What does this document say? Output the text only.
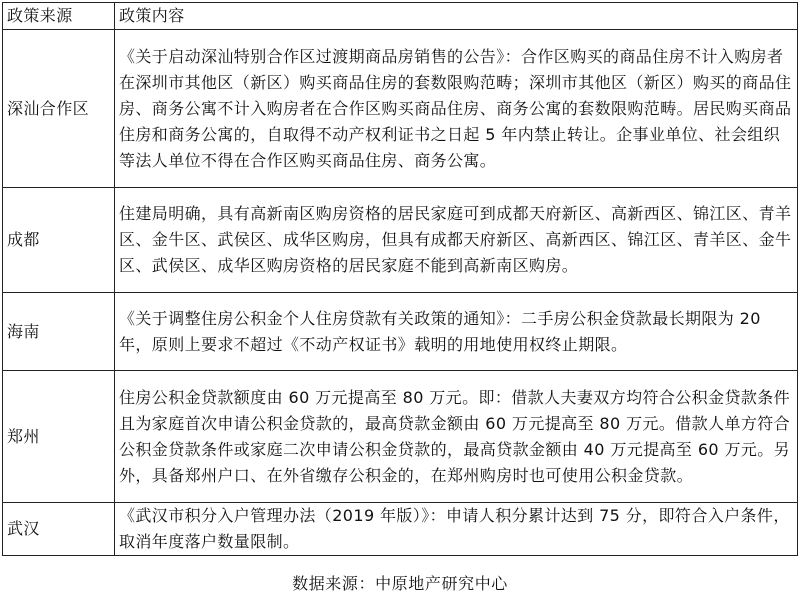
政策来源	政策内容
深汕合作区	《关于启动深汕特别合作区过渡期商品房销售的公告》：合作区购买的商品住房不计入购房者在深圳市其他区（新区）购买商品住房的套数限购范畴；深圳市其他区（新区）购买的商品住房、商务公寓不计入购房者在合作区购买商品住房、商务公寓的套数限购范畴。居民购买商品住房和商务公寓的，自取得不动产权利证书之日起 5 年内禁止转让。企事业单位、社会组织等法人单位不得在合作区购买商品住房、商务公寓。
成都	住建局明确，具有高新南区购房资格的居民家庭可到成都天府新区、高新西区、锦江区、青羊区、金牛区、武侯区、成华区购房，但具有成都天府新区、高新西区、锦江区、青羊区、金牛区、武侯区、成华区购房资格的居民家庭不能到高新南区购房。
海南	《关于调整住房公积金个人住房贷款有关政策的通知》：二手房公积金贷款最长期限为 20 年，原则上要求不超过《不动产权证书》载明的用地使用权终止期限。
郑州	住房公积金贷款额度由 60 万元提高至 80 万元。即：借款人夫妻双方均符合公积金贷款条件且为家庭首次申请公积金贷款的，最高贷款金额由 60 万元提高至 80 万元。借款人单方符合公积金贷款条件或家庭二次申请公积金贷款的，最高贷款金额由 40 万元提高至 60 万元。另外，具备郑州户口、在外省缴存公积金的，在郑州购房时也可使用公积金贷款。
武汉	《武汉市积分入户管理办法（2019 年版）》：申请人积分累计达到 75 分，即符合入户条件，取消年度落户数量限制。
数据来源：中原地产研究中心
